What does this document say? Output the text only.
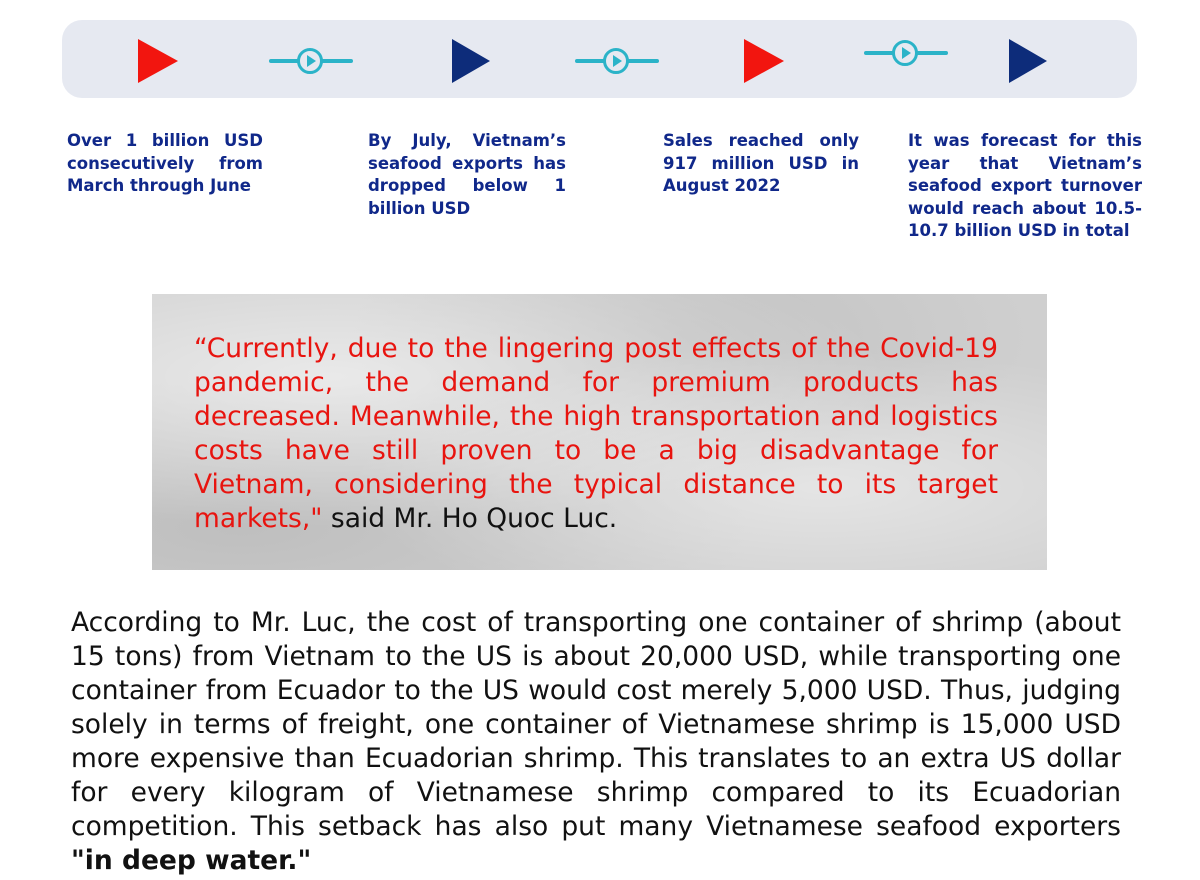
Over 1 billion USD consecutively from March through June
By July, Vietnam’s seafood exports has dropped below 1 billion USD
Sales reached only 917 million USD in August 2022
It was forecast for this year that Vietnam’s seafood export turnover would reach about 10.5-10.7 billion USD in total
“Currently, due to the lingering post effects of the Covid-19 pandemic, the demand for premium products has decreased. Meanwhile, the high transportation and logistics costs have still proven to be a big disadvantage for Vietnam, considering the typical distance to its target markets," said Mr. Ho Quoc Luc.
According to Mr. Luc, the cost of transporting one container of shrimp (about 15 tons) from Vietnam to the US is about 20,000 USD, while transporting one container from Ecuador to the US would cost merely 5,000 USD. Thus, judging solely in terms of freight, one container of Vietnamese shrimp is 15,000 USD more expensive than Ecuadorian shrimp. This translates to an extra US dollar for every kilogram of Vietnamese shrimp compared to its Ecuadorian competition. This setback has also put many Vietnamese seafood exporters "in deep water."
